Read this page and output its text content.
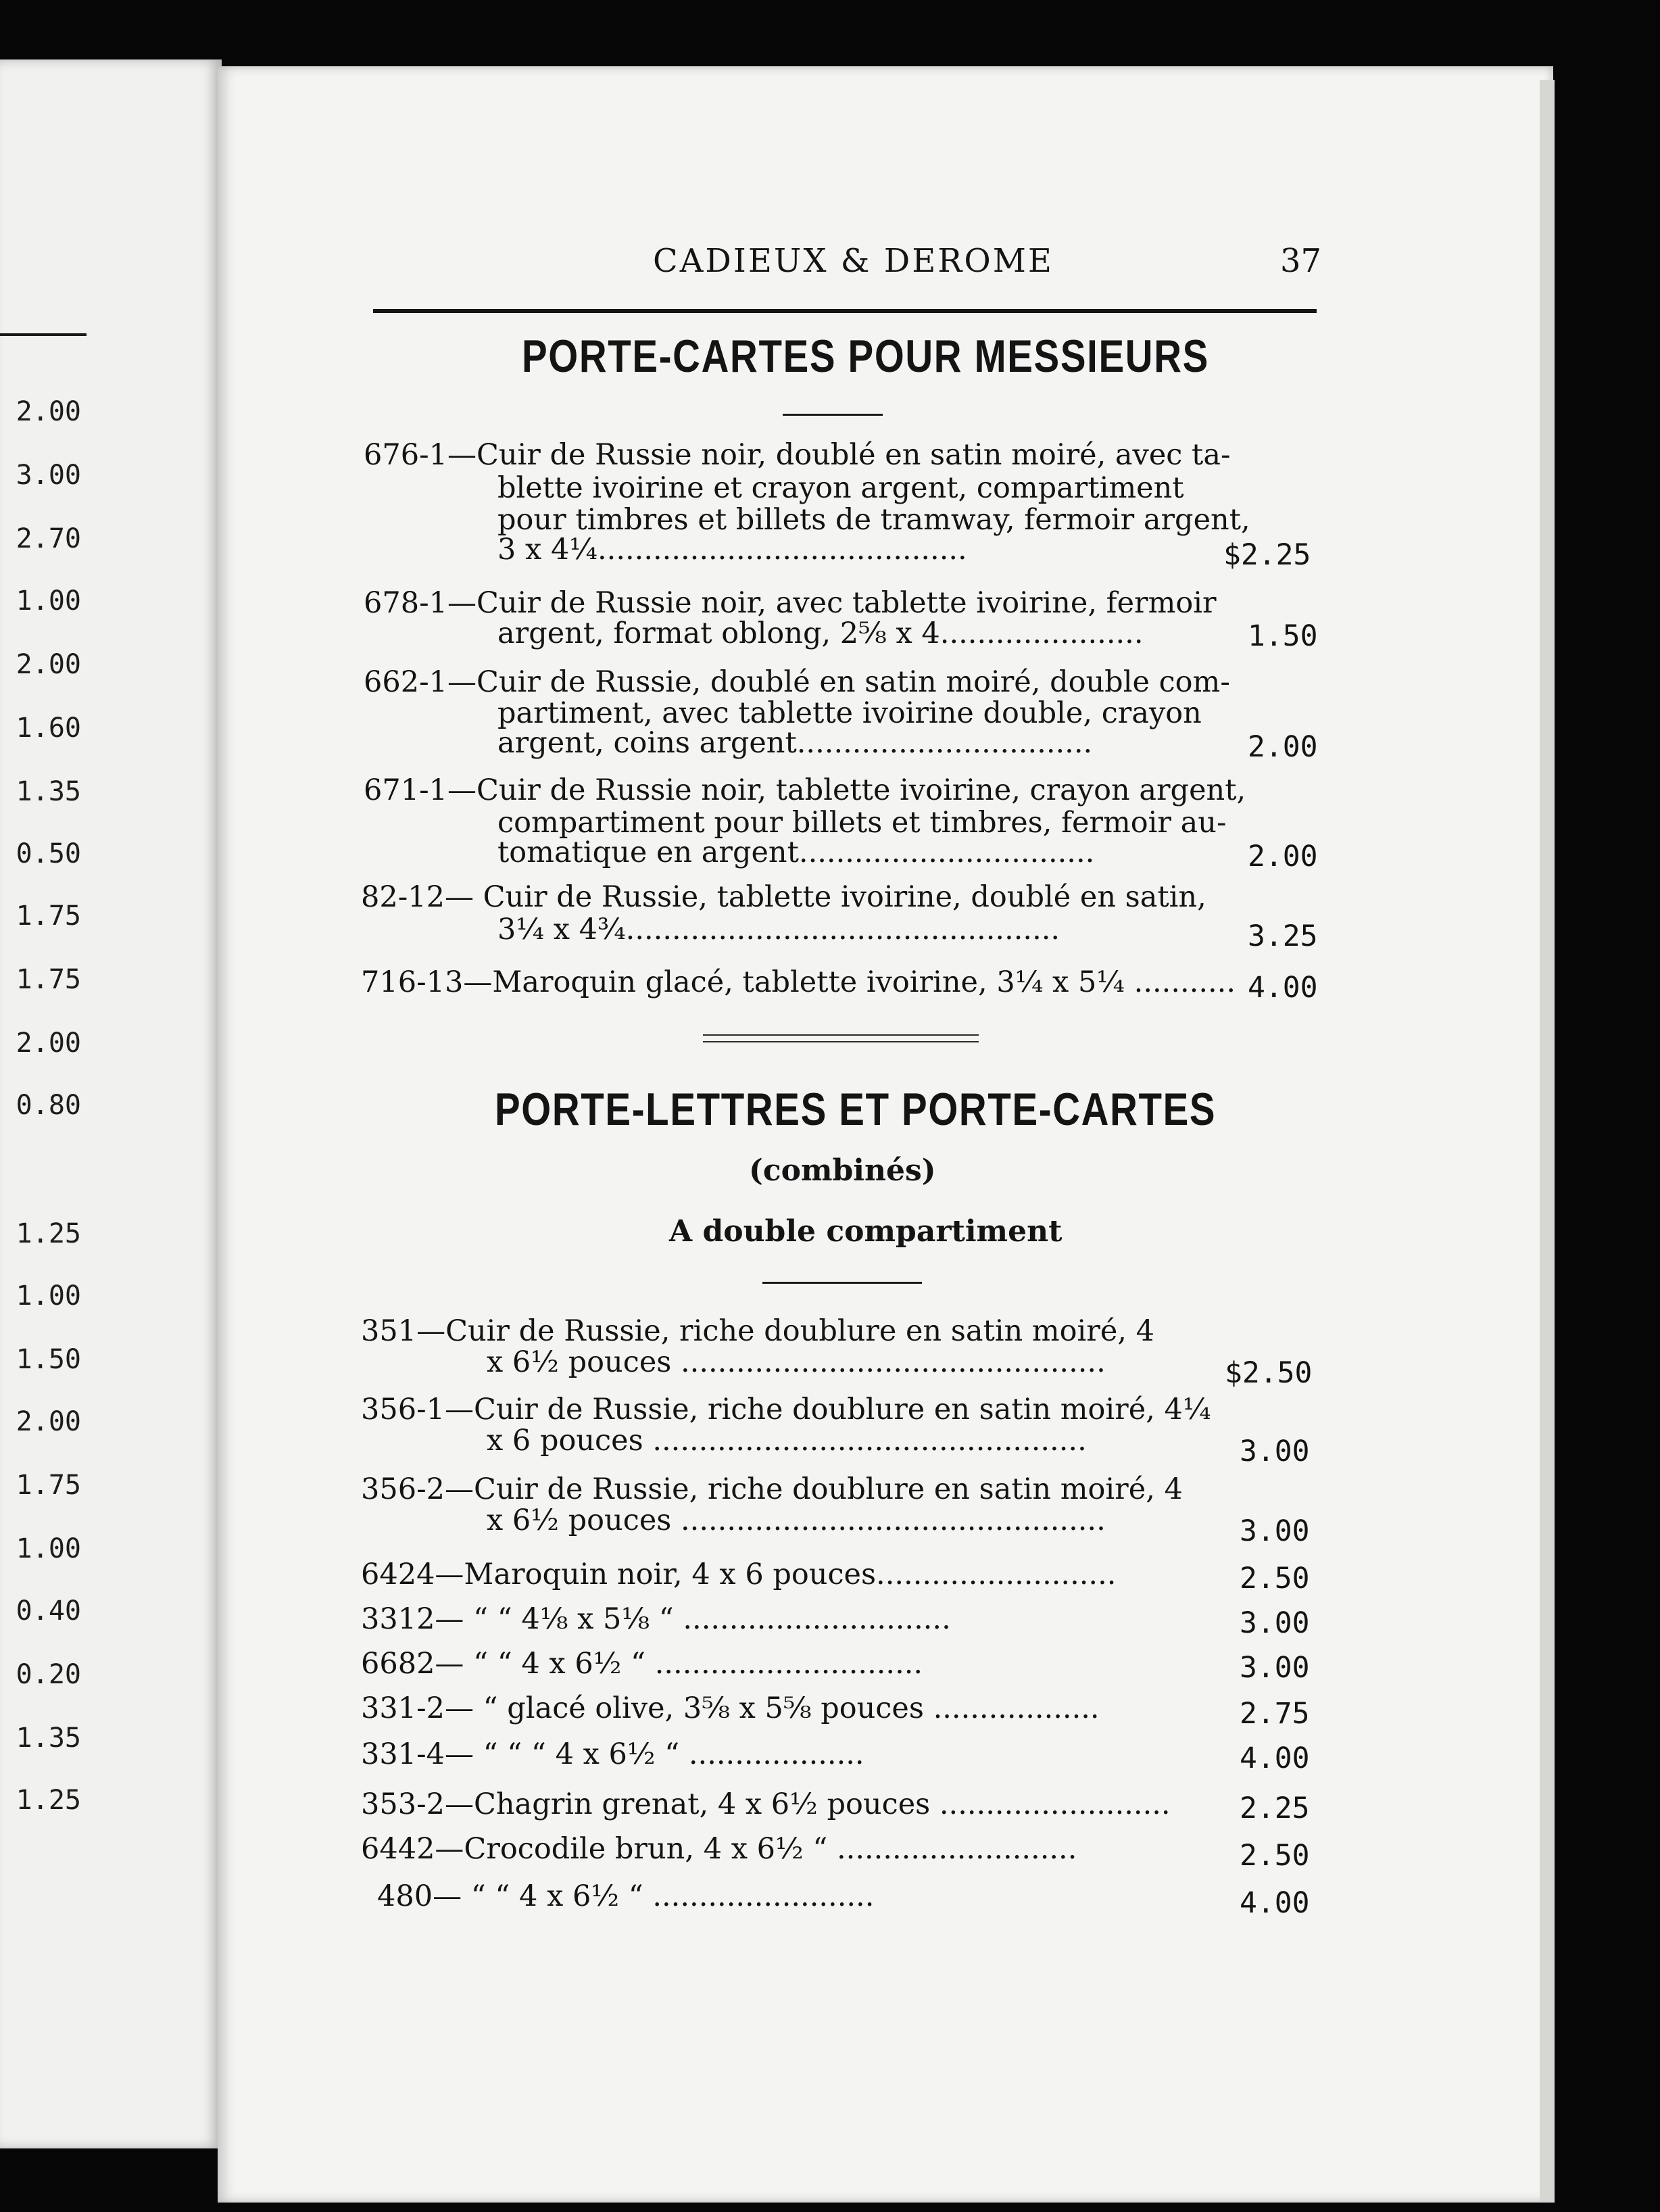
2.00
3.00
2.70
1.00
2.00
1.60
1.35
0.50
1.75
1.75
2.00
0.80
1.25
1.00
1.50
2.00
1.75
1.00
0.40
0.20
1.35
1.25
CADIEUX & DEROME	37
PORTE-CARTES POUR MESSIEURS
676-1—Cuir de Russie noir, doublé en satin moiré, avec ta-
blette ivoirine et crayon argent, compartiment
pour timbres et billets de tramway, fermoir argent,
3 x 4¼........................................
678-1—Cuir de Russie noir, avec tablette ivoirine, fermoir
argent, format oblong, 2⅝ x 4......................
662-1—Cuir de Russie, doublé en satin moiré, double com-
partiment, avec tablette ivoirine double, crayon
argent, coins argent................................
671-1—Cuir de Russie noir, tablette ivoirine, crayon argent,
compartiment pour billets et timbres, fermoir au-
tomatique en argent................................
82-12— Cuir de Russie, tablette ivoirine, doublé en satin,
3¼ x 4¾...............................................
716-13—Maroquin glacé, tablette ivoirine, 3¼ x 5¼ ...........
$2.25
1.50
2.00
2.00
3.25
4.00
PORTE-LETTRES ET PORTE-CARTES
(combinés)
A double compartiment
351—Cuir de Russie, riche doublure en satin moiré, 4
x 6½ pouces ..............................................
356-1—Cuir de Russie, riche doublure en satin moiré, 4¼
x 6 pouces ...............................................
356-2—Cuir de Russie, riche doublure en satin moiré, 4
x 6½ pouces ..............................................
6424—Maroquin noir, 4 x 6 pouces..........................
3312— “ “ 4⅛ x 5⅛ “ .............................
6682— “ “ 4 x 6½ “ .............................
331-2— “ glacé olive, 3⅝ x 5⅝ pouces ..................
331-4— “ “ “ 4 x 6½ “ ...................
353-2—Chagrin grenat, 4 x 6½ pouces .........................
6442—Crocodile brun, 4 x 6½ “ ..........................
480— “ “ 4 x 6½ “ ........................
$2.50
3.00
3.00
2.50
3.00
3.00
2.75
4.00
2.25
2.50
4.00
